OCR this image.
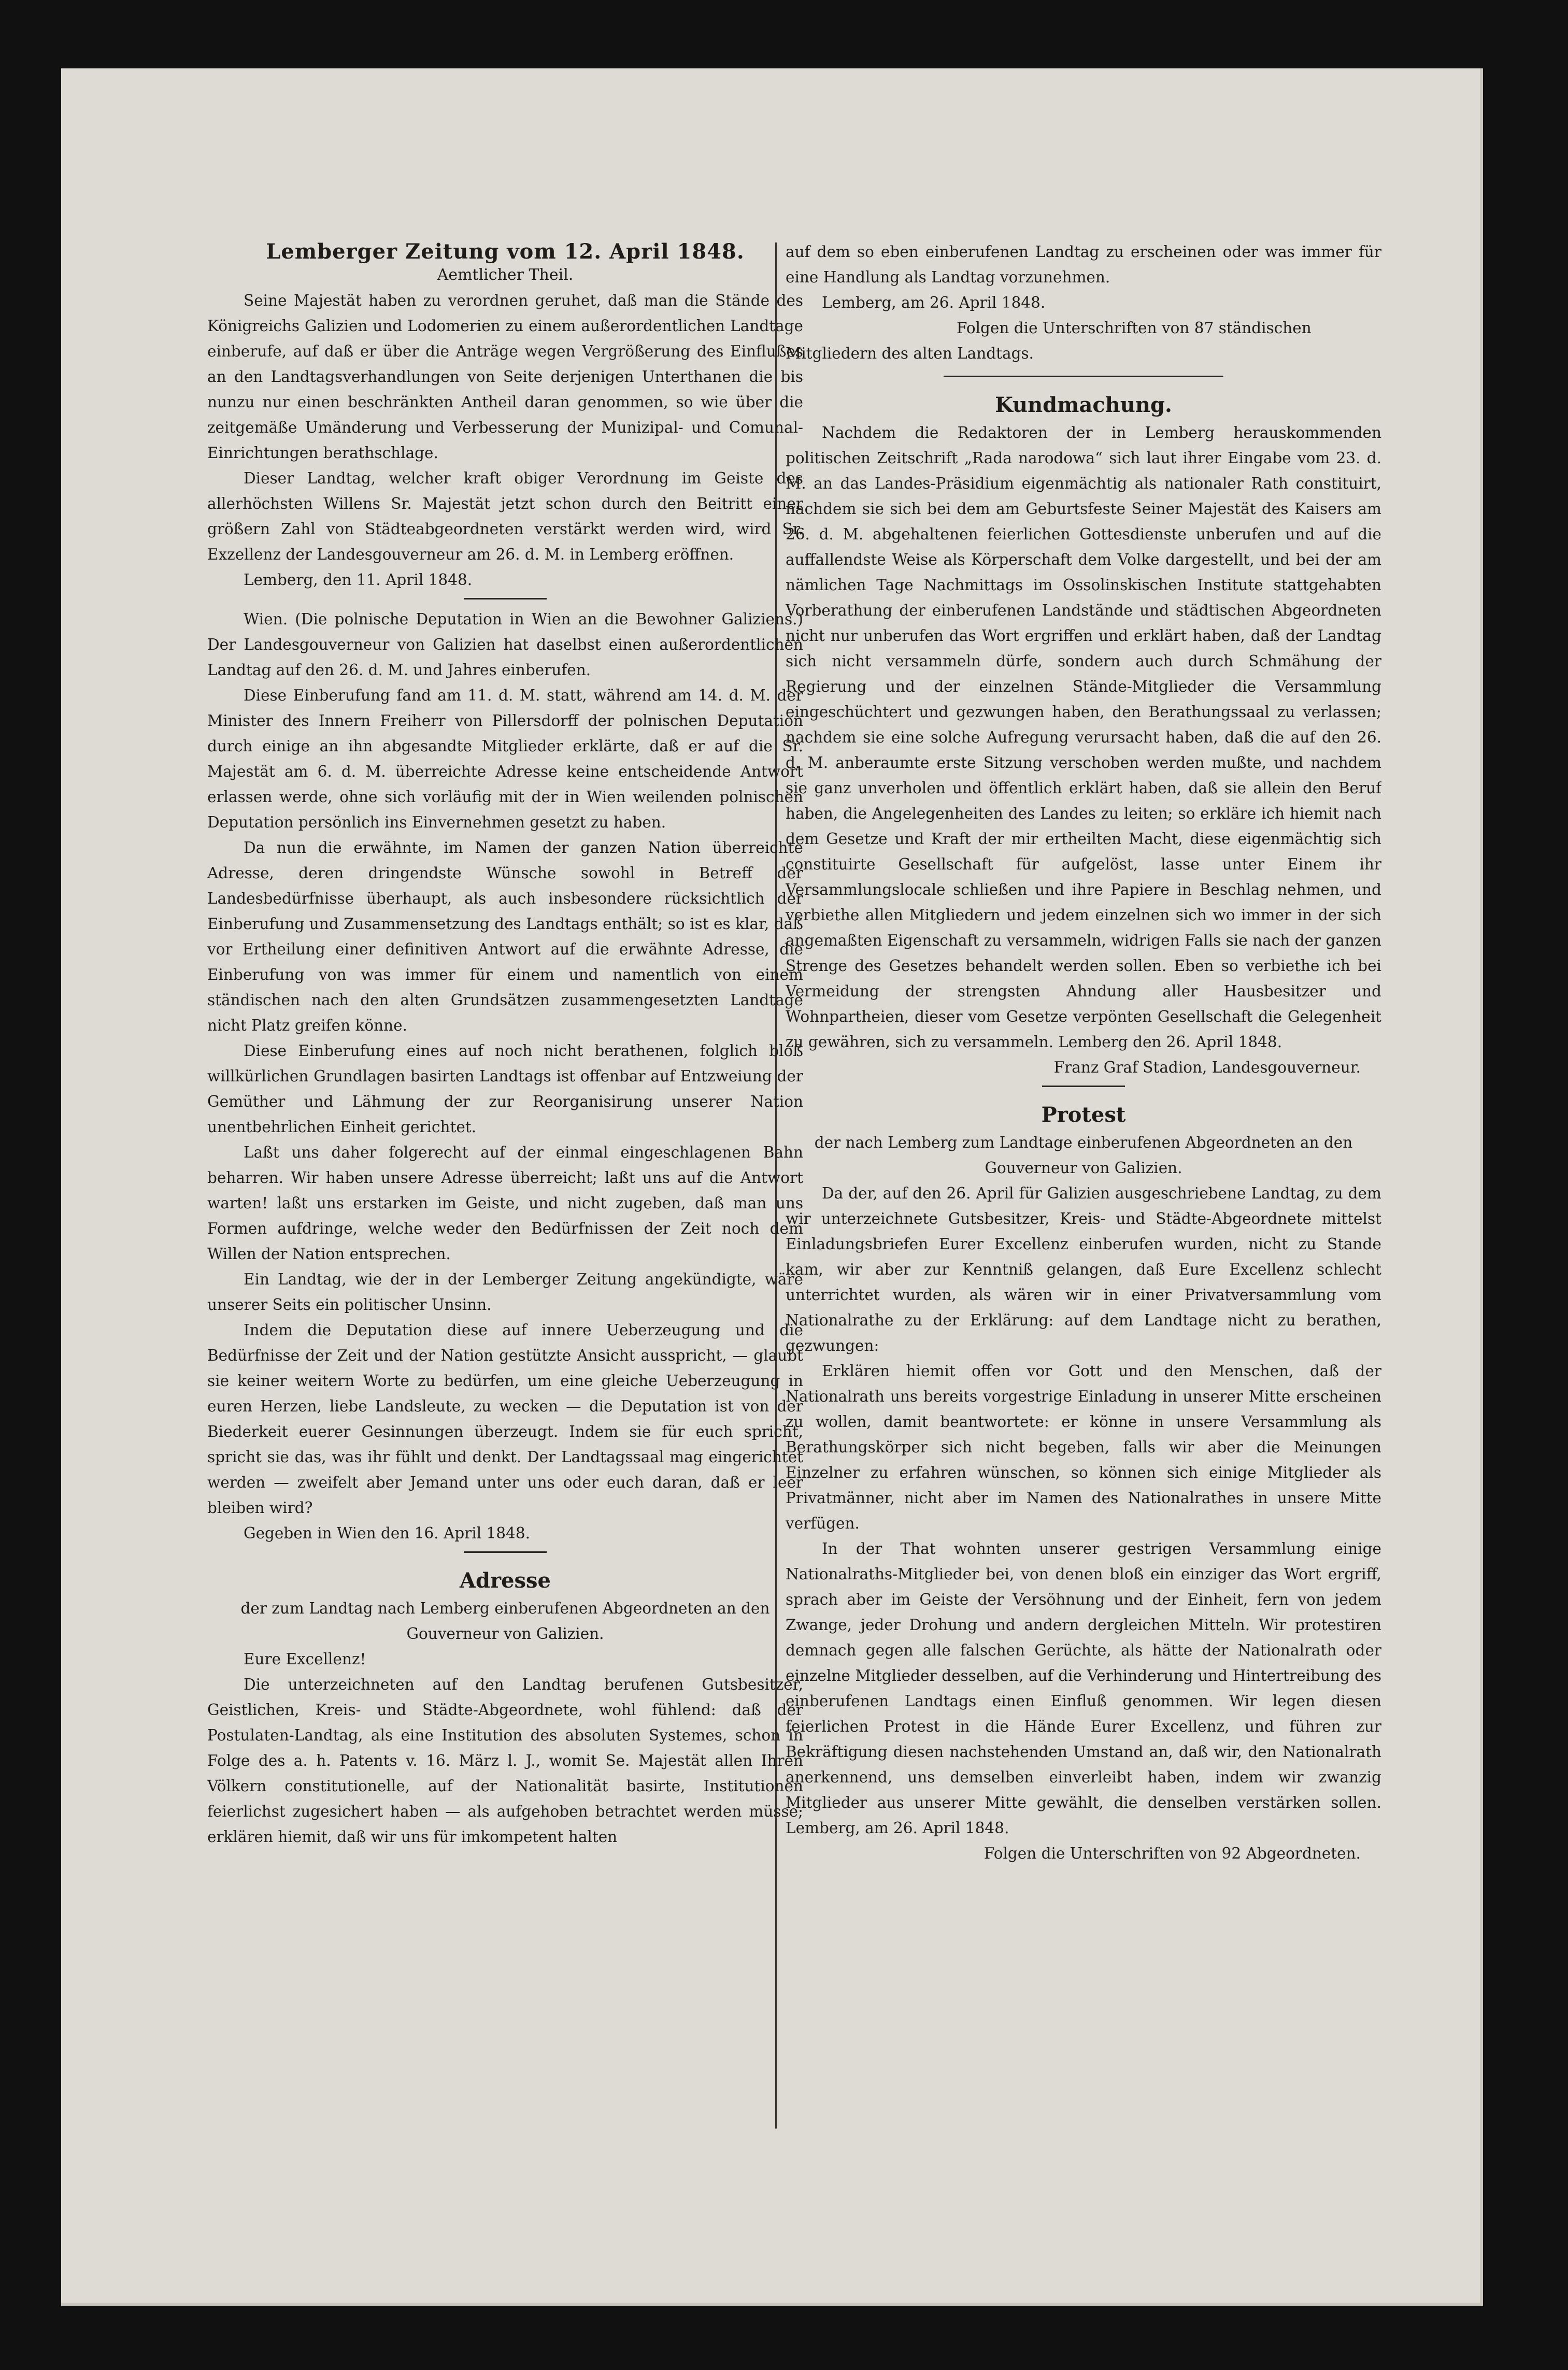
Lemberger Zeitung vom 12. April 1848.
Aemtlicher Theil.

Seine Majestät haben zu verordnen geruhet, daß man die Stände des Königreichs Galizien und Lodomerien zu einem außerordentlichen Landtage einberufe, auf daß er über die Anträge wegen Vergrößerung des Einflußes an den Landtagsverhandlungen von Seite derjenigen Unterthanen die bis nunzu nur einen beschränkten Antheil daran genommen, so wie über die zeitgemäße Umänderung und Verbesserung der Munizipal- und Comunal-Einrichtungen berathschlage.

Dieser Landtag, welcher kraft obiger Verordnung im Geiste des allerhöchsten Willens Sr. Majestät jetzt schon durch den Beitritt einer größern Zahl von Städteabgeordneten verstärkt werden wird, wird Sr. Exzellenz der Landesgouverneur am 26. d. M. in Lemberg eröffnen.

Lemberg, den 11. April 1848.

Wien. (Die polnische Deputation in Wien an die Bewohner Galiziens.) Der Landesgouverneur von Galizien hat daselbst einen außerordentlichen Landtag auf den 26. d. M. und Jahres einberufen.

Diese Einberufung fand am 11. d. M. statt, während am 14. d. M. der Minister des Innern Freiherr von Pillersdorff der polnischen Deputation durch einige an ihn abgesandte Mitglieder erklärte, daß er auf die Sr. Majestät am 6. d. M. überreichte Adresse keine entscheidende Antwort erlassen werde, ohne sich vorläufig mit der in Wien weilenden polnischen Deputation persönlich ins Einvernehmen gesetzt zu haben.

Da nun die erwähnte, im Namen der ganzen Nation überreichte Adresse, deren dringendste Wünsche sowohl in Betreff der Landesbedürfnisse überhaupt, als auch insbesondere rücksichtlich der Einberufung und Zusammensetzung des Landtags enthält; so ist es klar, daß vor Ertheilung einer definitiven Antwort auf die erwähnte Adresse, die Einberufung von was immer für einem und namentlich von einem ständischen nach den alten Grundsätzen zusammengesetzten Landtage nicht Platz greifen könne.

Diese Einberufung eines auf noch nicht berathenen, folglich bloß willkürlichen Grundlagen basirten Landtags ist offenbar auf Entzweiung der Gemüther und Lähmung der zur Reorganisirung unserer Nation unentbehrlichen Einheit gerichtet.

Laßt uns daher folgerecht auf der einmal eingeschlagenen Bahn beharren. Wir haben unsere Adresse überreicht; laßt uns auf die Antwort warten! laßt uns erstarken im Geiste, und nicht zugeben, daß man uns Formen aufdringe, welche weder den Bedürfnissen der Zeit noch dem Willen der Nation entsprechen.

Ein Landtag, wie der in der Lemberger Zeitung angekündigte, wäre unserer Seits ein politischer Unsinn.

Indem die Deputation diese auf innere Ueberzeugung und die Bedürfnisse der Zeit und der Nation gestützte Ansicht ausspricht, — glaubt sie keiner weitern Worte zu bedürfen, um eine gleiche Ueberzeugung in euren Herzen, liebe Landsleute, zu wecken — die Deputation ist von der Biederkeit euerer Gesinnungen überzeugt. Indem sie für euch spricht, spricht sie das, was ihr fühlt und denkt. Der Landtagssaal mag eingerichtet werden — zweifelt aber Jemand unter uns oder euch daran, daß er leer bleiben wird?

Gegeben in Wien den 16. April 1848.

Adresse

der zum Landtag nach Lemberg einberufenen Abgeordneten an den Gouverneur von Galizien.

Eure Excellenz!

Die unterzeichneten auf den Landtag berufenen Gutsbesitzer, Geistlichen, Kreis- und Städte-Abgeordnete, wohl fühlend: daß der Postulaten-Landtag, als eine Institution des absoluten Systemes, schon in Folge des a. h. Patents v. 16. März l. J., womit Se. Majestät allen Ihren Völkern constitutionelle, auf der Nationalität basirte, Institutionen feierlichst zugesichert haben — als aufgehoben betrachtet werden müsse; erklären hiemit, daß wir uns für imkompetent halten

auf dem so eben einberufenen Landtag zu erscheinen oder was immer für eine Handlung als Landtag vorzunehmen.

Lemberg, am 26. April 1848.

Folgen die Unterschriften von 87 ständischen Mitgliedern des alten Landtags.

Kundmachung.

Nachdem die Redaktoren der in Lemberg herauskommenden politischen Zeitschrift „Rada narodowa“ sich laut ihrer Eingabe vom 23. d. M. an das Landes-Präsidium eigenmächtig als nationaler Rath constituirt, nachdem sie sich bei dem am Geburtsfeste Seiner Majestät des Kaisers am 26. d. M. abgehaltenen feierlichen Gottesdienste unberufen und auf die auffallendste Weise als Körperschaft dem Volke dargestellt, und bei der am nämlichen Tage Nachmittags im Ossolinskischen Institute stattgehabten Vorberathung der einberufenen Landstände und städtischen Abgeordneten nicht nur unberufen das Wort ergriffen und erklärt haben, daß der Landtag sich nicht versammeln dürfe, sondern auch durch Schmähung der Regierung und der einzelnen Stände-Mitglieder die Versammlung eingeschüchtert und gezwungen haben, den Berathungssaal zu verlassen; nachdem sie eine solche Aufregung verursacht haben, daß die auf den 26. d. M. anberaumte erste Sitzung verschoben werden mußte, und nachdem sie ganz unverholen und öffentlich erklärt haben, daß sie allein den Beruf haben, die Angelegenheiten des Landes zu leiten; so erkläre ich hiemit nach dem Gesetze und Kraft der mir ertheilten Macht, diese eigenmächtig sich constituirte Gesellschaft für aufgelöst, lasse unter Einem ihr Versammlungslocale schließen und ihre Papiere in Beschlag nehmen, und verbiethe allen Mitgliedern und jedem einzelnen sich wo immer in der sich angemaßten Eigenschaft zu versammeln, widrigen Falls sie nach der ganzen Strenge des Gesetzes behandelt werden sollen. Eben so verbiethe ich bei Vermeidung der strengsten Ahndung aller Hausbesitzer und Wohnpartheien, dieser vom Gesetze verpönten Gesellschaft die Gelegenheit zu gewähren, sich zu versammeln. Lemberg den 26. April 1848.

Franz Graf Stadion, Landesgouverneur.

Protest

der nach Lemberg zum Landtage einberufenen Abgeordneten an den Gouverneur von Galizien.

Da der, auf den 26. April für Galizien ausgeschriebene Landtag, zu dem wir unterzeichnete Gutsbesitzer, Kreis- und Städte-Abgeordnete mittelst Einladungsbriefen Eurer Excellenz einberufen wurden, nicht zu Stande kam, wir aber zur Kenntniß gelangen, daß Eure Excellenz schlecht unterrichtet wurden, als wären wir in einer Privatversammlung vom Nationalrathe zu der Erklärung: auf dem Landtage nicht zu berathen, gezwungen:

Erklären hiemit offen vor Gott und den Menschen, daß der Nationalrath uns bereits vorgestrige Einladung in unserer Mitte erscheinen zu wollen, damit beantwortete: er könne in unsere Versammlung als Berathungskörper sich nicht begeben, falls wir aber die Meinungen Einzelner zu erfahren wünschen, so können sich einige Mitglieder als Privatmänner, nicht aber im Namen des Nationalrathes in unsere Mitte verfügen.

In der That wohnten unserer gestrigen Versammlung einige Nationalraths-Mitglieder bei, von denen bloß ein einziger das Wort ergriff, sprach aber im Geiste der Versöhnung und der Einheit, fern von jedem Zwange, jeder Drohung und andern dergleichen Mitteln. Wir protestiren demnach gegen alle falschen Gerüchte, als hätte der Nationalrath oder einzelne Mitglieder desselben, auf die Verhinderung und Hintertreibung des einberufenen Landtags einen Einfluß genommen. Wir legen diesen feierlichen Protest in die Hände Eurer Excellenz, und führen zur Bekräftigung diesen nachstehenden Umstand an, daß wir, den Nationalrath anerkennend, uns demselben einverleibt haben, indem wir zwanzig Mitglieder aus unserer Mitte gewählt, die denselben verstärken sollen. Lemberg, am 26. April 1848.

Folgen die Unterschriften von 92 Abgeordneten.
